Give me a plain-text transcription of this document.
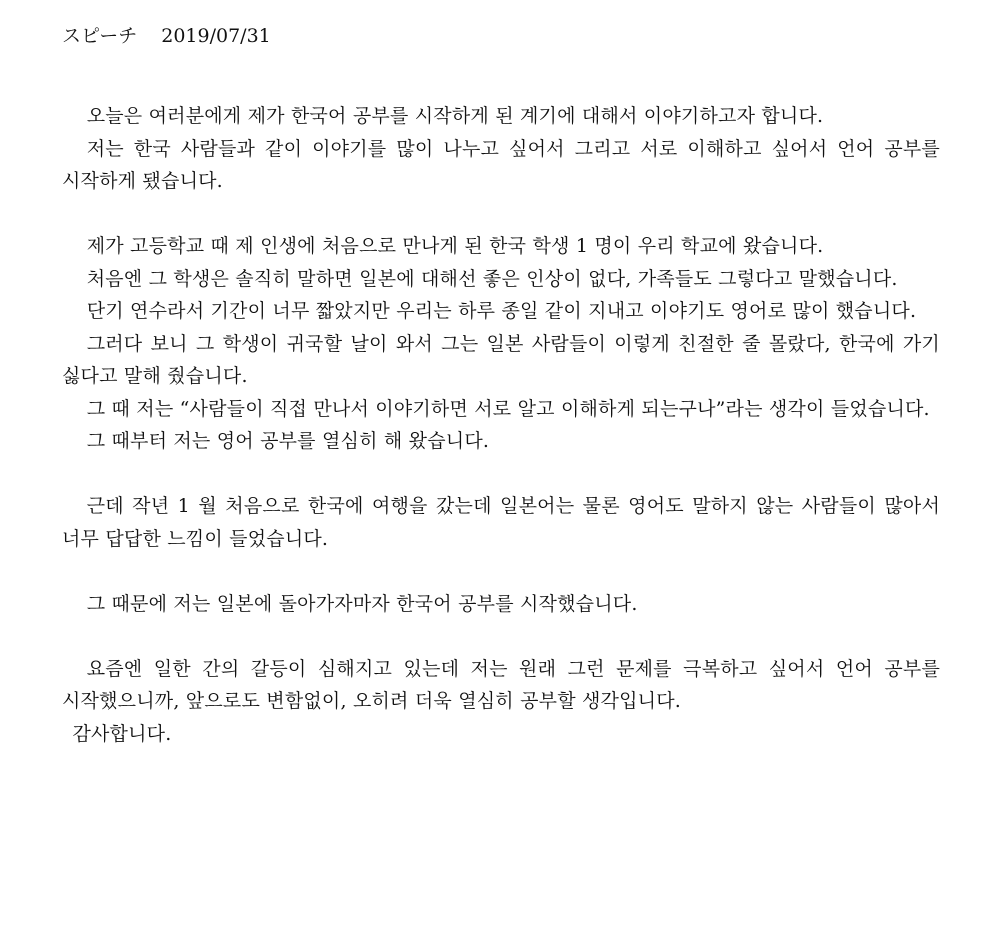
スピーチ 2019/07/31

오늘은 여러분에게 제가 한국어 공부를 시작하게 된 계기에 대해서 이야기하고자 합니다.

저는 한국 사람들과 같이 이야기를 많이 나누고 싶어서 그리고 서로 이해하고 싶어서 언어 공부를 시작하게 됐습니다.

제가 고등학교 때 제 인생에 처음으로 만나게 된 한국 학생 1 명이 우리 학교에 왔습니다.

처음엔 그 학생은 솔직히 말하면 일본에 대해선 좋은 인상이 없다, 가족들도 그렇다고 말했습니다.

단기 연수라서 기간이 너무 짧았지만 우리는 하루 종일 같이 지내고 이야기도 영어로 많이 했습니다.

그러다 보니 그 학생이 귀국할 날이 와서 그는 일본 사람들이 이렇게 친절한 줄 몰랐다, 한국에 가기 싫다고 말해 줬습니다.

그 때 저는 “사람들이 직접 만나서 이야기하면 서로 알고 이해하게 되는구나”라는 생각이 들었습니다.

그 때부터 저는 영어 공부를 열심히 해 왔습니다.

근데 작년 1 월 처음으로 한국에 여행을 갔는데 일본어는 물론 영어도 말하지 않는 사람들이 많아서 너무 답답한 느낌이 들었습니다.

그 때문에 저는 일본에 돌아가자마자 한국어 공부를 시작했습니다.

요즘엔 일한 간의 갈등이 심해지고 있는데 저는 원래 그런 문제를 극복하고 싶어서 언어 공부를 시작했으니까, 앞으로도 변함없이, 오히려 더욱 열심히 공부할 생각입니다.

감사합니다.
